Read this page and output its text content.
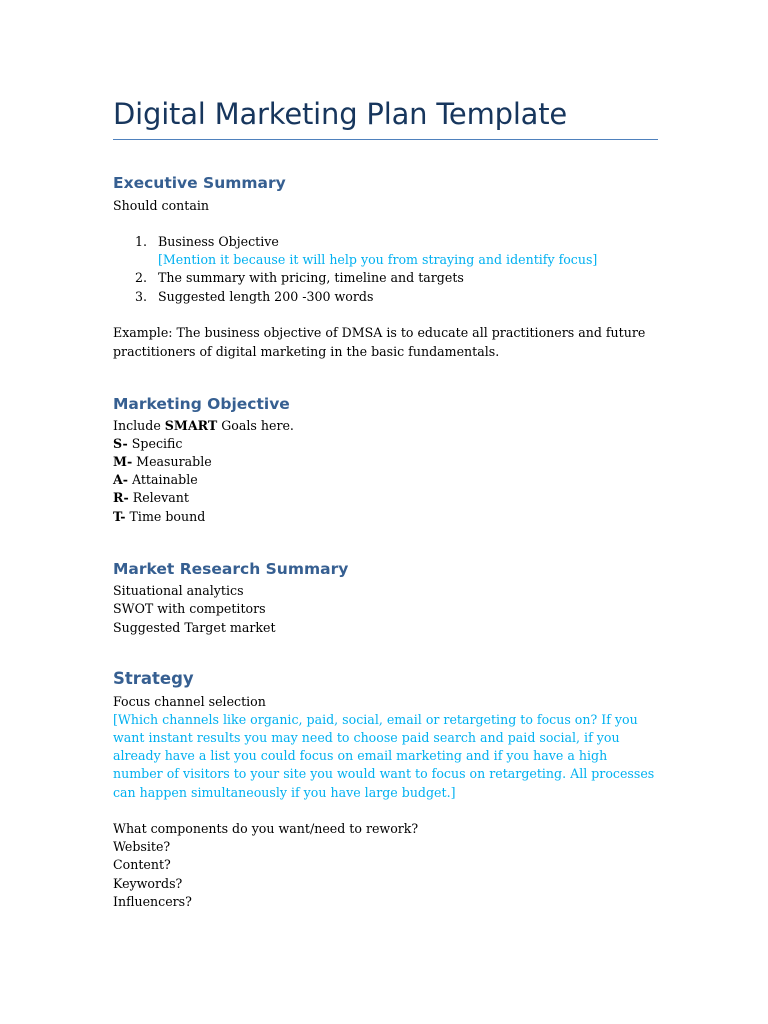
Digital Marketing Plan Template
Executive Summary
Should contain
1. Business Objective
[Mention it because it will help you from straying and identify focus]
2. The summary with pricing, timeline and targets
3. Suggested length 200 -300 words
Example: The business objective of DMSA is to educate all practitioners and future
practitioners of digital marketing in the basic fundamentals.
Marketing Objective
Include SMART Goals here.
S- Specific
M- Measurable
A- Attainable
R- Relevant
T- Time bound
Market Research Summary
Situational analytics
SWOT with competitors
Suggested Target market
Strategy
Focus channel selection
[Which channels like organic, paid, social, email or retargeting to focus on? If you
want instant results you may need to choose paid search and paid social, if you
already have a list you could focus on email marketing and if you have a high
number of visitors to your site you would want to focus on retargeting. All processes
can happen simultaneously if you have large budget.]
What components do you want/need to rework?
Website?
Content?
Keywords?
Influencers?
